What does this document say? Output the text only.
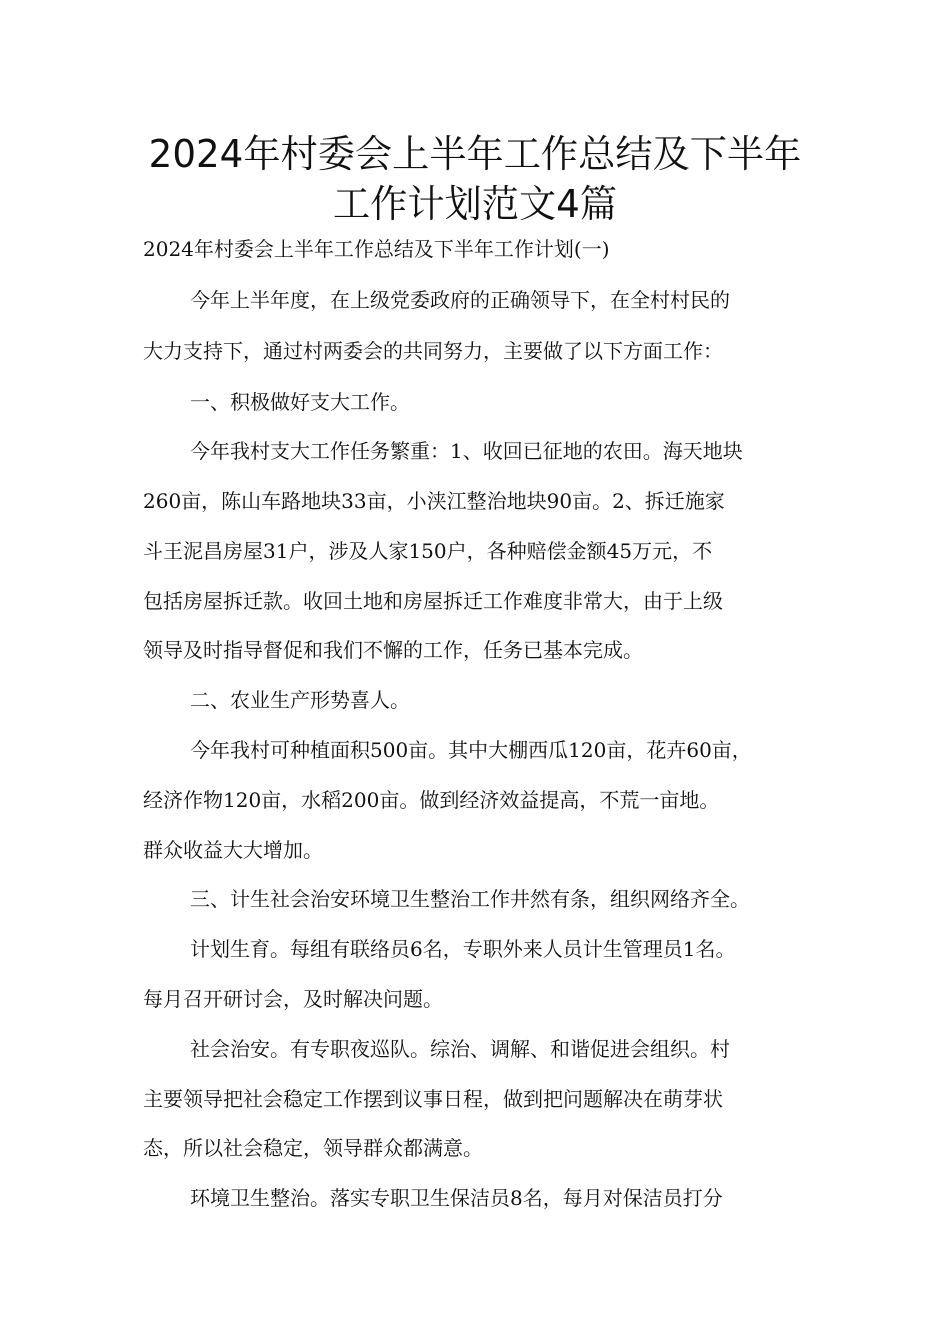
2024年村委会上半年工作总结及下半年
工作计划范文4篇
2024年村委会上半年工作总结及下半年工作计划(一)
今年上半年度，在上级党委政府的正确领导下，在全村村民的
大力支持下，通过村两委会的共同努力，主要做了以下方面工作：
一、积极做好支大工作。
今年我村支大工作任务繁重：1、收回已征地的农田。海天地块
260亩，陈山车路地块33亩，小浃江整治地块90亩。2、拆迁施家
斗王泥昌房屋31户，涉及人家150户，各种赔偿金额45万元，不
包括房屋拆迁款。收回土地和房屋拆迁工作难度非常大，由于上级
领导及时指导督促和我们不懈的工作，任务已基本完成。
二、农业生产形势喜人。
今年我村可种植面积500亩。其中大棚西瓜120亩，花卉60亩，
经济作物120亩，水稻200亩。做到经济效益提高，不荒一亩地。
群众收益大大增加。
三、计生社会治安环境卫生整治工作井然有条，组织网络齐全。
计划生育。每组有联络员6名，专职外来人员计生管理员1名。
每月召开研讨会，及时解决问题。
社会治安。有专职夜巡队。综治、调解、和谐促进会组织。村
主要领导把社会稳定工作摆到议事日程，做到把问题解决在萌芽状
态，所以社会稳定，领导群众都满意。
环境卫生整治。落实专职卫生保洁员8名，每月对保洁员打分
